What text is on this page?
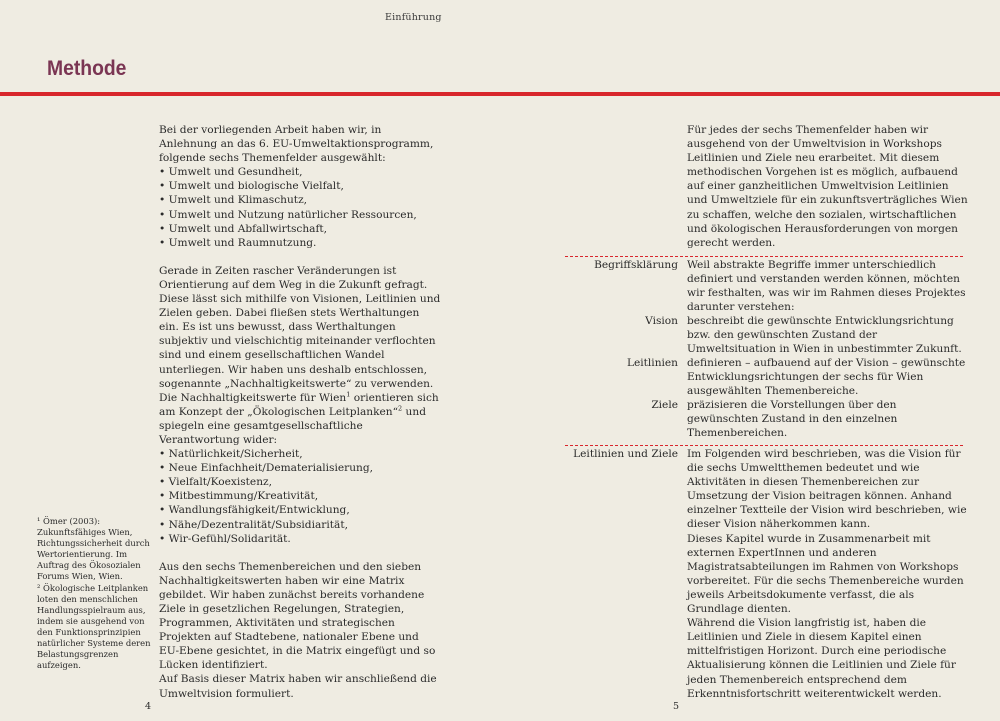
Einführung
Methode

Bei der vorliegenden Arbeit haben wir, in Anlehnung an das 6. EU-Umweltaktionsprogramm, folgende sechs Themenfelder ausgewählt:

• Umwelt und Gesundheit,
• Umwelt und biologische Vielfalt,
• Umwelt und Klimaschutz,
• Umwelt und Nutzung natürlicher Ressourcen,
• Umwelt und Abfallwirtschaft,
• Umwelt und Raumnutzung.

Gerade in Zeiten rascher Veränderungen ist Orientierung auf dem Weg in die Zukunft gefragt. Diese lässt sich mithilfe von Visionen, Leitlinien und Zielen geben. Dabei fließen stets Werthaltungen ein. Es ist uns bewusst, dass Werthaltungen subjektiv und vielschichtig miteinander verflochten sind und einem gesellschaftlichen Wandel unterliegen. Wir haben uns deshalb entschlossen, sogenannte „Nachhaltigkeitswerte“ zu verwenden. Die Nachhaltigkeitswerte für Wien$^1$ orientieren sich am Konzept der „Ökologischen Leitplanken“$^2$ und spiegeln eine gesamtgesellschaftliche Verantwortung wider:

• Natürlichkeit/Sicherheit,
• Neue Einfachheit/Dematerialisierung,
• Vielfalt/Koexistenz,
• Mitbestimmung/Kreativität,
• Wandlungsfähigkeit/Entwicklung,
• Nähe/Dezentralität/Subsidiarität,
• Wir-Gefühl/Solidarität.

Aus den sechs Themenbereichen und den sieben Nachhaltigkeitswerten haben wir eine Matrix gebildet. Wir haben zunächst bereits vorhandene Ziele in gesetzlichen Regelungen, Strategien, Programmen, Aktivitäten und strategischen Projekten auf Stadtebene, nationaler Ebene und EU-Ebene gesichtet, in die Matrix eingefügt und so Lücken identifiziert.

Auf Basis dieser Matrix haben wir anschließend die Umweltvision formuliert.

¹ Ömer (2003): Zukunftsfähiges Wien, Richtungssicherheit durch Wertorientierung. Im Auftrag des Ökosozialen Forums Wien, Wien.

² Ökologische Leitplanken loten den menschlichen Handlungsspielraum aus, indem sie ausgehend von den Funktionsprinzipien natürlicher Systeme deren Belastungsgrenzen aufzeigen.

Für jedes der sechs Themenfelder haben wir ausgehend von der Umweltvision in Workshops Leitlinien und Ziele neu erarbeitet. Mit diesem methodischen Vorgehen ist es möglich, aufbauend auf einer ganzheitlichen Umweltvision Leitlinien und Umweltziele für ein zukunftsverträgliches Wien zu schaffen, welche den sozialen, wirtschaftlichen und ökologischen Herausforderungen von morgen gerecht werden.

Begriffsklärung Weil abstrakte Begriffe immer unterschiedlich definiert und verstanden werden können, möchten wir festhalten, was wir im Rahmen dieses Projektes darunter verstehen:

Vision beschreibt die gewünschte Entwicklungsrichtung bzw. den gewünschten Zustand der Umweltsituation in Wien in unbestimmter Zukunft.

Leitlinien definieren – aufbauend auf der Vision – gewünschte Entwicklungsrichtungen der sechs für Wien ausgewählten Themenbereiche.

Ziele präzisieren die Vorstellungen über den gewünschten Zustand in den einzelnen Themenbereichen.

Leitlinien und Ziele Im Folgenden wird beschrieben, was die Vision für die sechs Umweltthemen bedeutet und wie Aktivitäten in diesen Themenbereichen zur Umsetzung der Vision beitragen können. Anhand einzelner Textteile der Vision wird beschrieben, wie dieser Vision näherkommen kann.

Dieses Kapitel wurde in Zusammenarbeit mit externen ExpertInnen und anderen Magistratsabteilungen im Rahmen von Workshops vorbereitet. Für die sechs Themenbereiche wurden jeweils Arbeitsdokumente verfasst, die als Grundlage dienten.

Während die Vision langfristig ist, haben die Leitlinien und Ziele in diesem Kapitel einen mittelfristigen Horizont. Durch eine periodische Aktualisierung können die Leitlinien und Ziele für jeden Themenbereich entsprechend dem Erkenntnisfortschritt weiterentwickelt werden.

4	5
